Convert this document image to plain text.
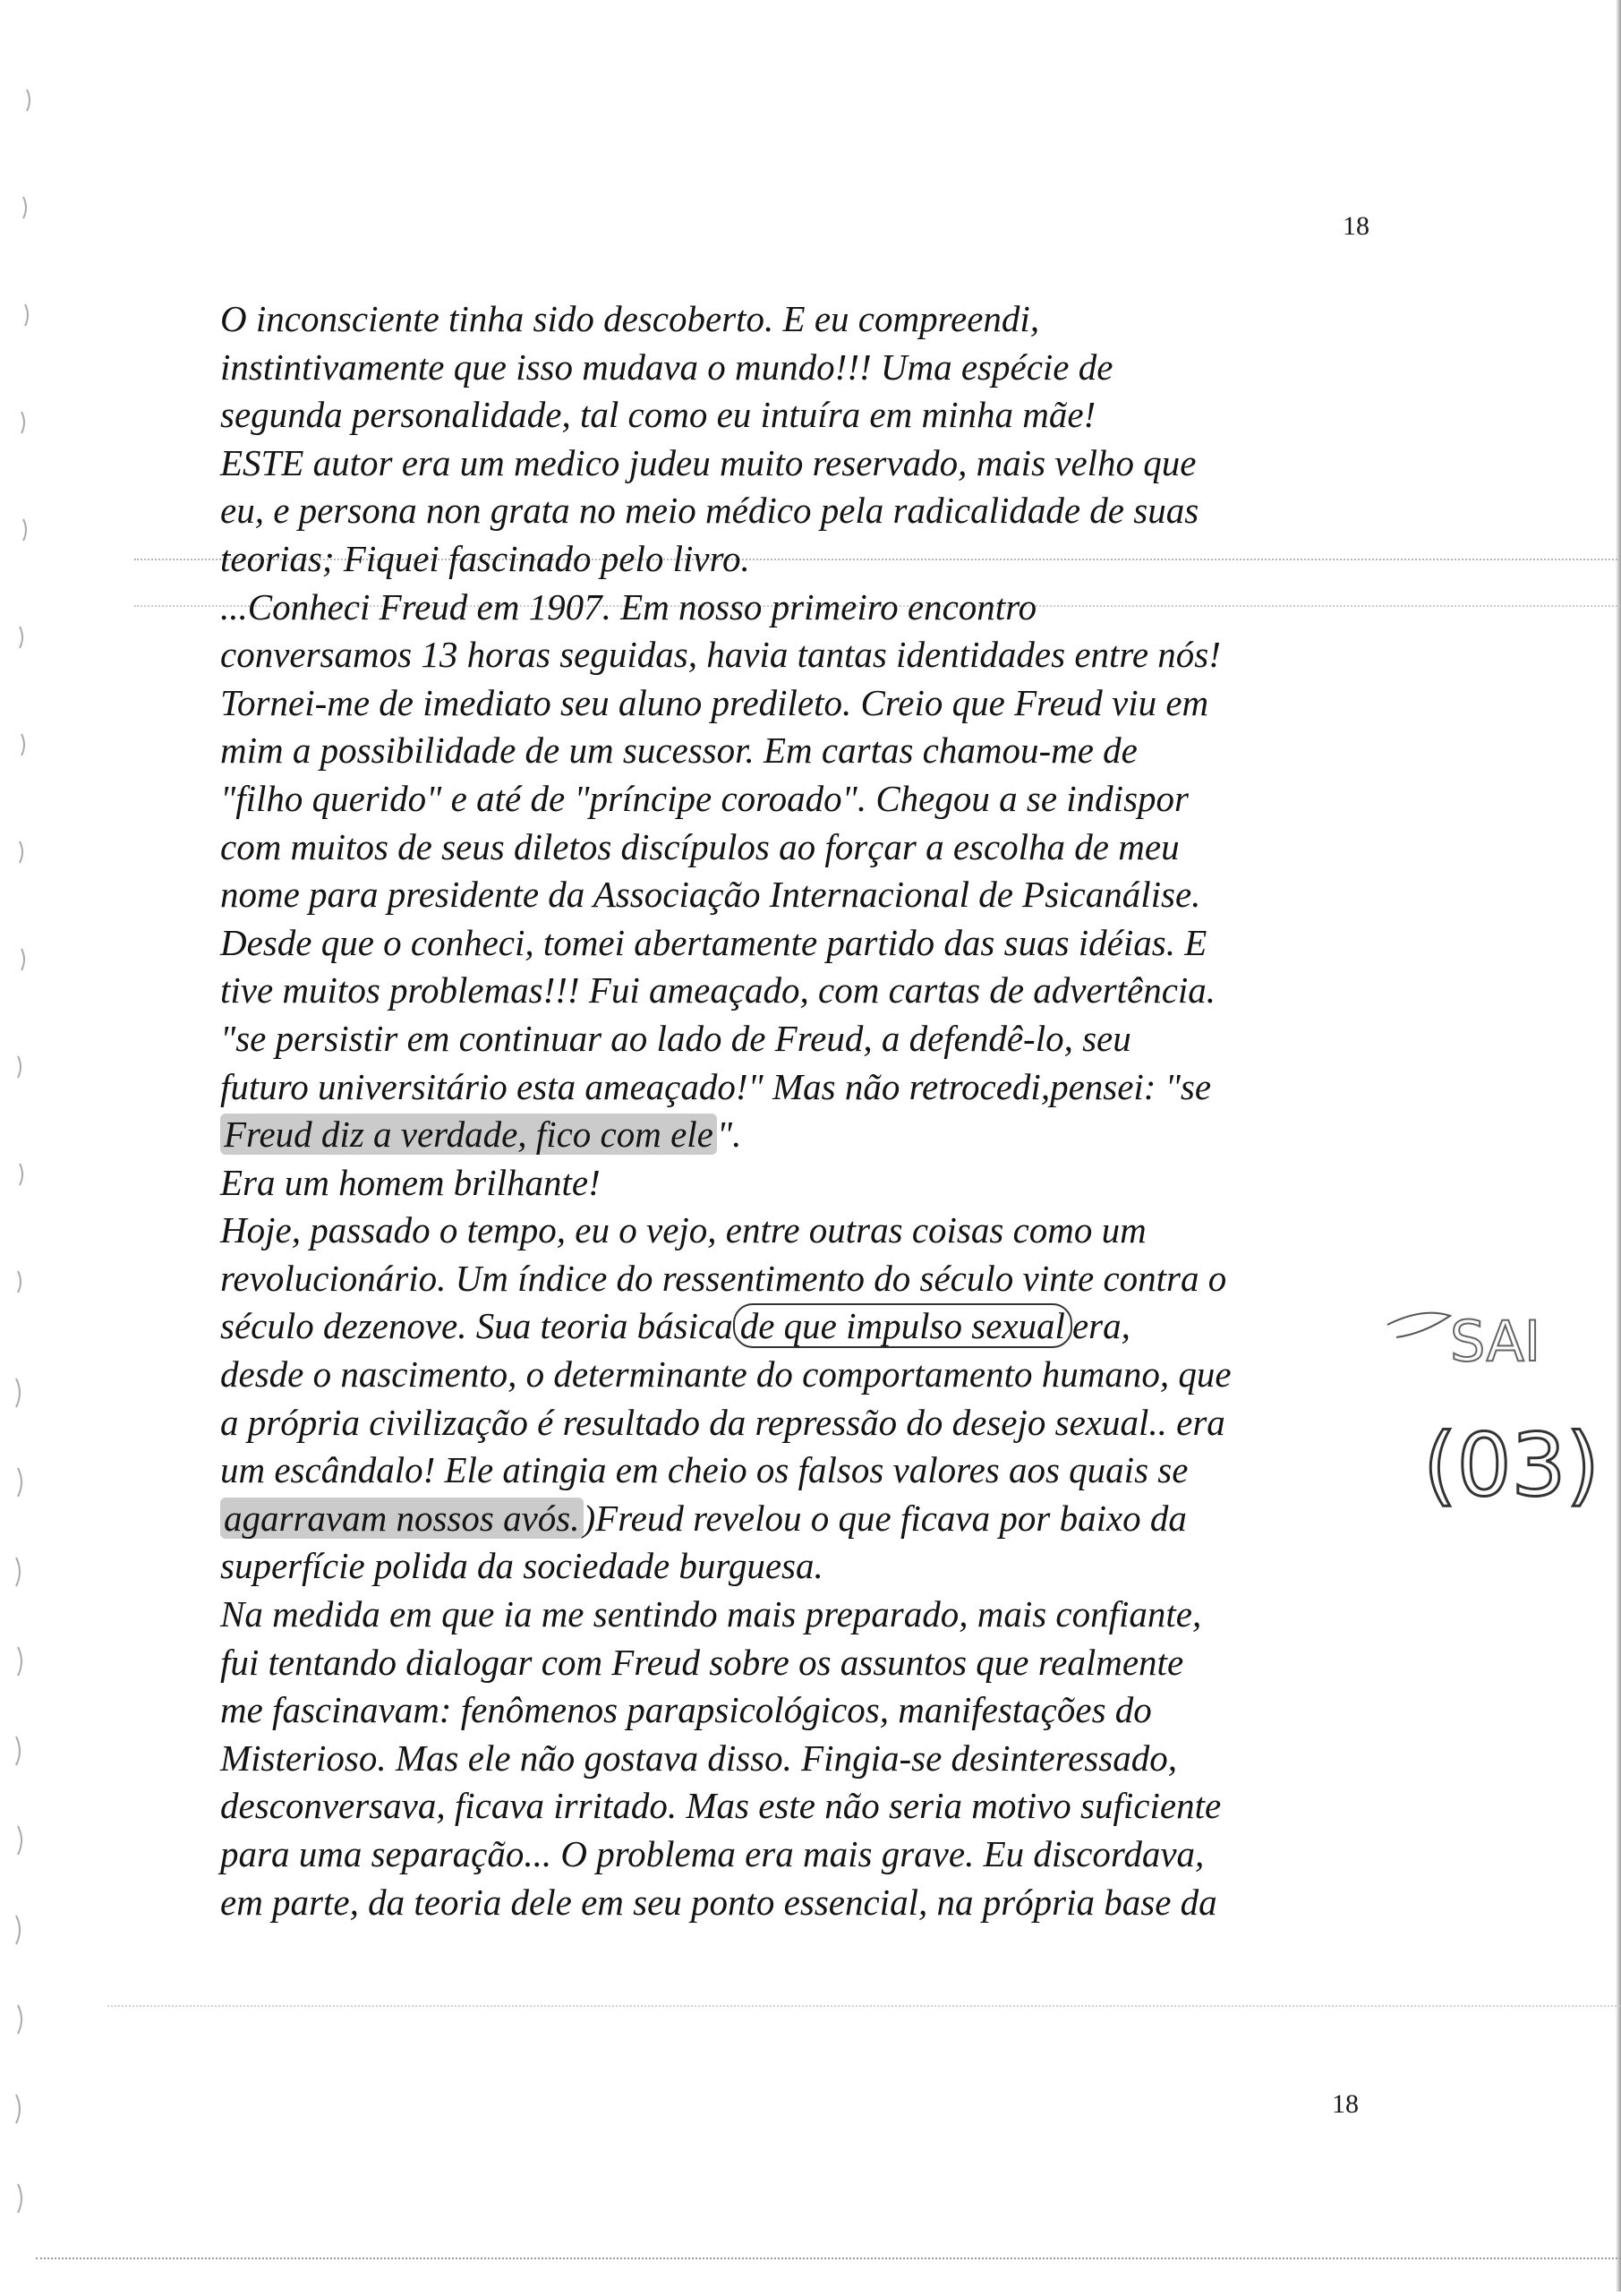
18
O inconsciente tinha sido descoberto. E eu compreendi,
instintivamente que isso mudava o mundo!!! Uma espécie de
segunda personalidade, tal como eu intuíra em minha mãe!
ESTE autor era um medico judeu muito reservado, mais velho que
eu, e persona non grata no meio médico pela radicalidade de suas
teorias; Fiquei fascinado pelo livro.
...Conheci Freud em 1907. Em nosso primeiro encontro
conversamos 13 horas seguidas, havia tantas identidades entre nós!
Tornei-me de imediato seu aluno predileto. Creio que Freud viu em
mim a possibilidade de um sucessor. Em cartas chamou-me de
"filho querido" e até de "príncipe coroado". Chegou a se indispor
com muitos de seus diletos discípulos ao forçar a escolha de meu
nome para presidente da Associação Internacional de Psicanálise.
Desde que o conheci, tomei abertamente partido das suas idéias. E
tive muitos problemas!!! Fui ameaçado, com cartas de advertência.
"se persistir em continuar ao lado de Freud, a defendê-lo, seu
futuro universitário esta ameaçado!" Mas não retrocedi,pensei: "se
Freud diz a verdade, fico com ele".
Era um homem brilhante!
Hoje, passado o tempo, eu o vejo, entre outras coisas como um
revolucionário. Um índice do ressentimento do século vinte contra o
século dezenove. Sua teoria básica de que impulso sexual era,
desde o nascimento, o determinante do comportamento humano, que
a própria civilização é resultado da repressão do desejo sexual.. era
um escândalo! Ele atingia em cheio os falsos valores aos quais se
agarravam nossos avós.)Freud revelou o que ficava por baixo da
superfície polida da sociedade burguesa.
Na medida em que ia me sentindo mais preparado, mais confiante,
fui tentando dialogar com Freud sobre os assuntos que realmente
me fascinavam: fenômenos parapsicológicos, manifestações do
Misterioso. Mas ele não gostava disso. Fingia-se desinteressado,
desconversava, ficava irritado. Mas este não seria motivo suficiente
para uma separação... O problema era mais grave. Eu discordava,
em parte, da teoria dele em seu ponto essencial, na própria base da
SAI
(03)
18
